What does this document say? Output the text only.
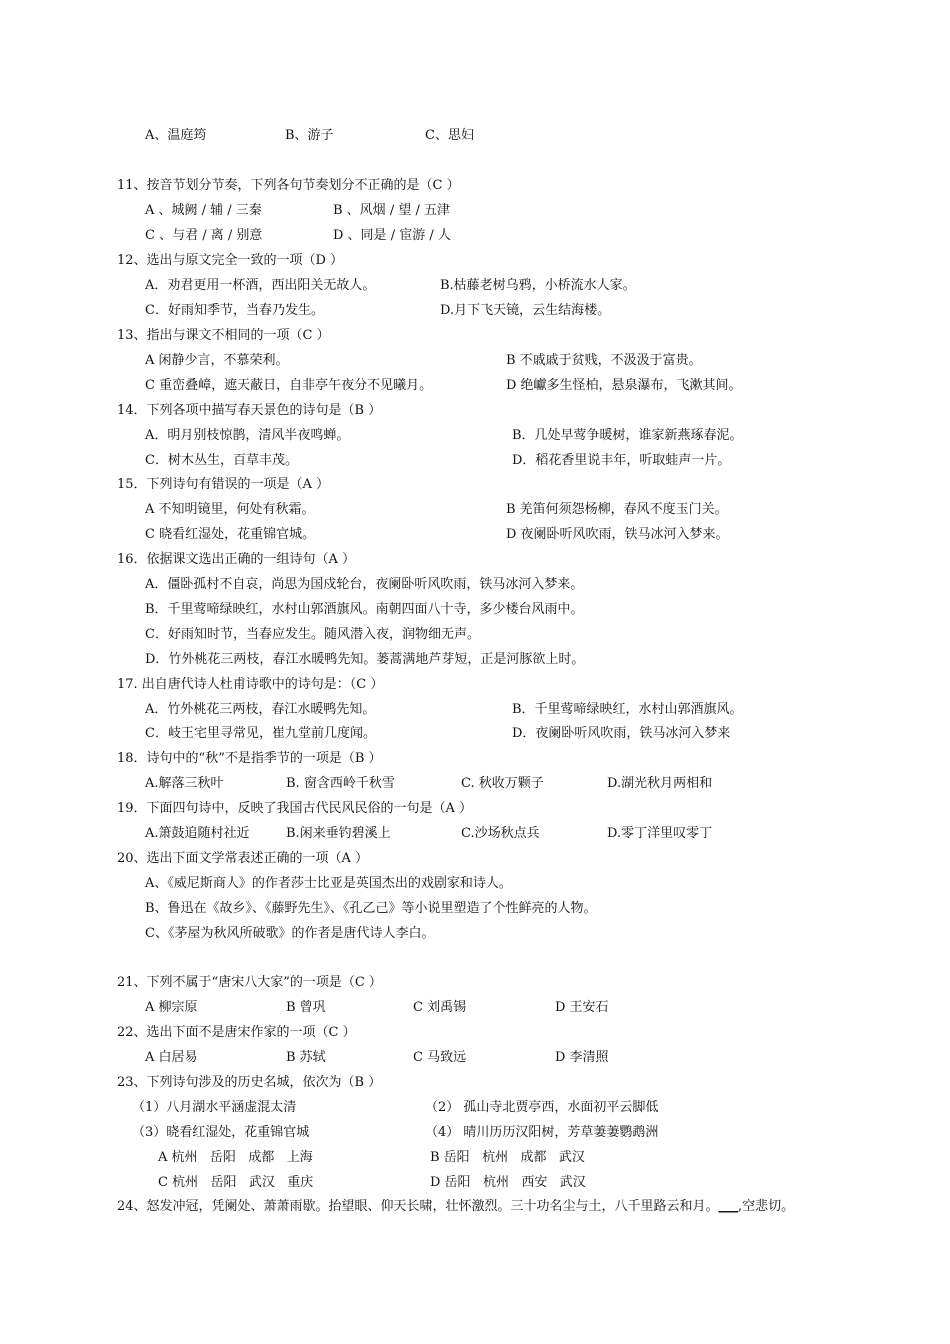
A、温庭筠	B、游子	C、思妇
11、按音节划分节奏，下列各句节奏划分不正确的是（C ）
A 、城阙 / 辅 / 三秦	B 、风烟 / 望 / 五津
C 、与君 / 离 / 别意	D 、同是 / 宦游 / 人
12、选出与原文完全一致的一项（D ）
A．劝君更用一杯酒，西出阳关无故人。	B.枯藤老树乌鸦，小桥流水人家。
C．好雨知季节，当春乃发生。	D.月下飞天镜，云生结海楼。
13、指出与课文不相同的一项（C ）
A 闲静少言，不慕荣利。	B 不戚戚于贫贱，不汲汲于富贵。
C 重峦叠嶂，遮天蔽日，自非亭午夜分不见曦月。	D 绝巘多生怪柏，悬泉瀑布，飞漱其间。
14．下列各项中描写春天景色的诗句是（B ）
A．明月别枝惊鹊，清风半夜鸣蝉。	B．几处早莺争暖树，谁家新燕琢春泥。
C．树木丛生，百草丰茂。	D．稻花香里说丰年，听取蛙声一片。
15．下列诗句有错误的一项是（A ）
A 不知明镜里，何处有秋霜。	B 羌笛何须怨杨柳，春风不度玉门关。
C 晓看红湿处，花重锦官城。	D 夜阑卧听风吹雨，铁马冰河入梦来。
16．依据课文选出正确的一组诗句（A ）
A．僵卧孤村不自哀，尚思为国戍轮台，夜阑卧听风吹雨，铁马冰河入梦来。
B．千里莺啼绿映红，水村山郭酒旗风。南朝四面八十寺，多少楼台风雨中。
C．好雨知时节，当春应发生。随风潜入夜，润物细无声。
D．竹外桃花三两枝，春江水暖鸭先知。蒌蒿满地芦芽短，正是河豚欲上时。
17. 出自唐代诗人杜甫诗歌中的诗句是：（C ）
A．竹外桃花三两枝，春江水暖鸭先知。	B．千里莺啼绿映红，水村山郭酒旗风。
C．岐王宅里寻常见，崔九堂前几度闻。	D．夜阑卧听风吹雨，铁马冰河入梦来
18．诗句中的“秋”不是指季节的一项是（B ）
A.解落三秋叶	B. 窗含西岭千秋雪	C. 秋收万颗子	D.湖光秋月两相和
19．下面四句诗中，反映了我国古代民风民俗的一句是（A ）
A.箫鼓追随村社近	B.闲来垂钓碧溪上	C.沙场秋点兵	D.零丁洋里叹零丁
20、选出下面文学常表述正确的一项（A ）
A、《威尼斯商人》的作者莎士比亚是英国杰出的戏剧家和诗人。
B、鲁迅在《故乡》、《藤野先生》、《孔乙己》等小说里塑造了个性鲜亮的人物。
C、《茅屋为秋风所破歌》的作者是唐代诗人李白。
21、下列不属于“唐宋八大家”的一项是（C ）
A 柳宗原	B 曾巩	C 刘禹锡	D 王安石
22、选出下面不是唐宋作家的一项（C ）
A 白居易	B 苏轼	C 马致远	D 李清照
23、下列诗句涉及的历史名城，依次为（B ）
（1）八月湖水平涵虚混太清	（2） 孤山寺北贾亭西，水面初平云脚低
（3）晓看红湿处，花重锦官城	（4） 晴川历历汉阳树，芳草萋萋鹦鹉洲
A 杭州   岳阳   成都   上海	B 岳阳   杭州   成都   武汉
C 杭州   岳阳   武汉   重庆	D 岳阳   杭州   西安   武汉
24、怒发冲冠，凭阑处、萧萧雨歇。抬望眼、仰天长啸，壮怀激烈。三十功名尘与土，八千里路云和月。___,空悲切。
